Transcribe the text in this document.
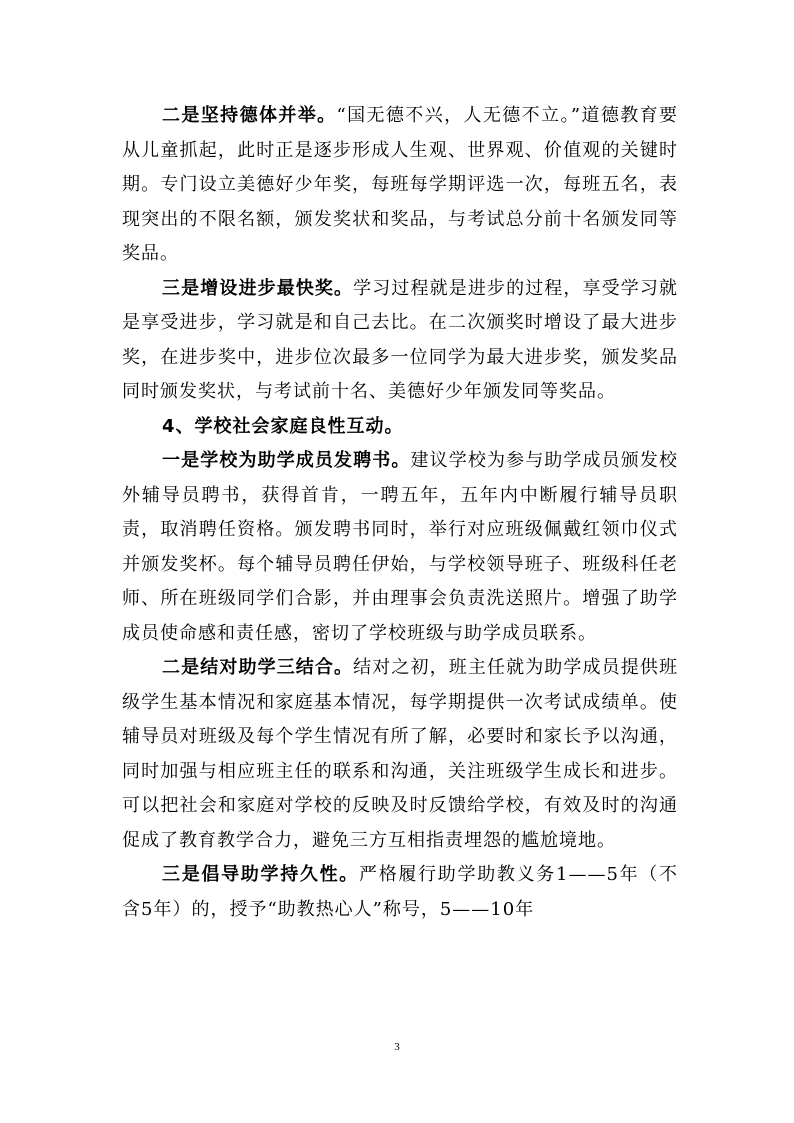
二是坚持德体并举。“国无德不兴，人无德不立。”道德教育要从儿童抓起，此时正是逐步形成人生观、世界观、价值观的关键时期。专门设立美德好少年奖，每班每学期评选一次，每班五名，表现突出的不限名额，颁发奖状和奖品，与考试总分前十名颁发同等奖品。

三是增设进步最快奖。学习过程就是进步的过程，享受学习就是享受进步，学习就是和自己去比。在二次颁奖时增设了最大进步奖，在进步奖中，进步位次最多一位同学为最大进步奖，颁发奖品同时颁发奖状，与考试前十名、美德好少年颁发同等奖品。

4、学校社会家庭良性互动。

一是学校为助学成员发聘书。建议学校为参与助学成员颁发校外辅导员聘书，获得首肯，一聘五年，五年内中断履行辅导员职责，取消聘任资格。颁发聘书同时，举行对应班级佩戴红领巾仪式并颁发奖杯。每个辅导员聘任伊始，与学校领导班子、班级科任老师、所在班级同学们合影，并由理事会负责洗送照片。增强了助学成员使命感和责任感，密切了学校班级与助学成员联系。

二是结对助学三结合。结对之初，班主任就为助学成员提供班级学生基本情况和家庭基本情况，每学期提供一次考试成绩单。使辅导员对班级及每个学生情况有所了解，必要时和家长予以沟通，同时加强与相应班主任的联系和沟通，关注班级学生成长和进步。可以把社会和家庭对学校的反映及时反馈给学校，有效及时的沟通促成了教育教学合力，避免三方互相指责埋怨的尴尬境地。

三是倡导助学持久性。严格履行助学助教义务1——5年（不含5年）的，授予“助教热心人”称号，5——10年

3
